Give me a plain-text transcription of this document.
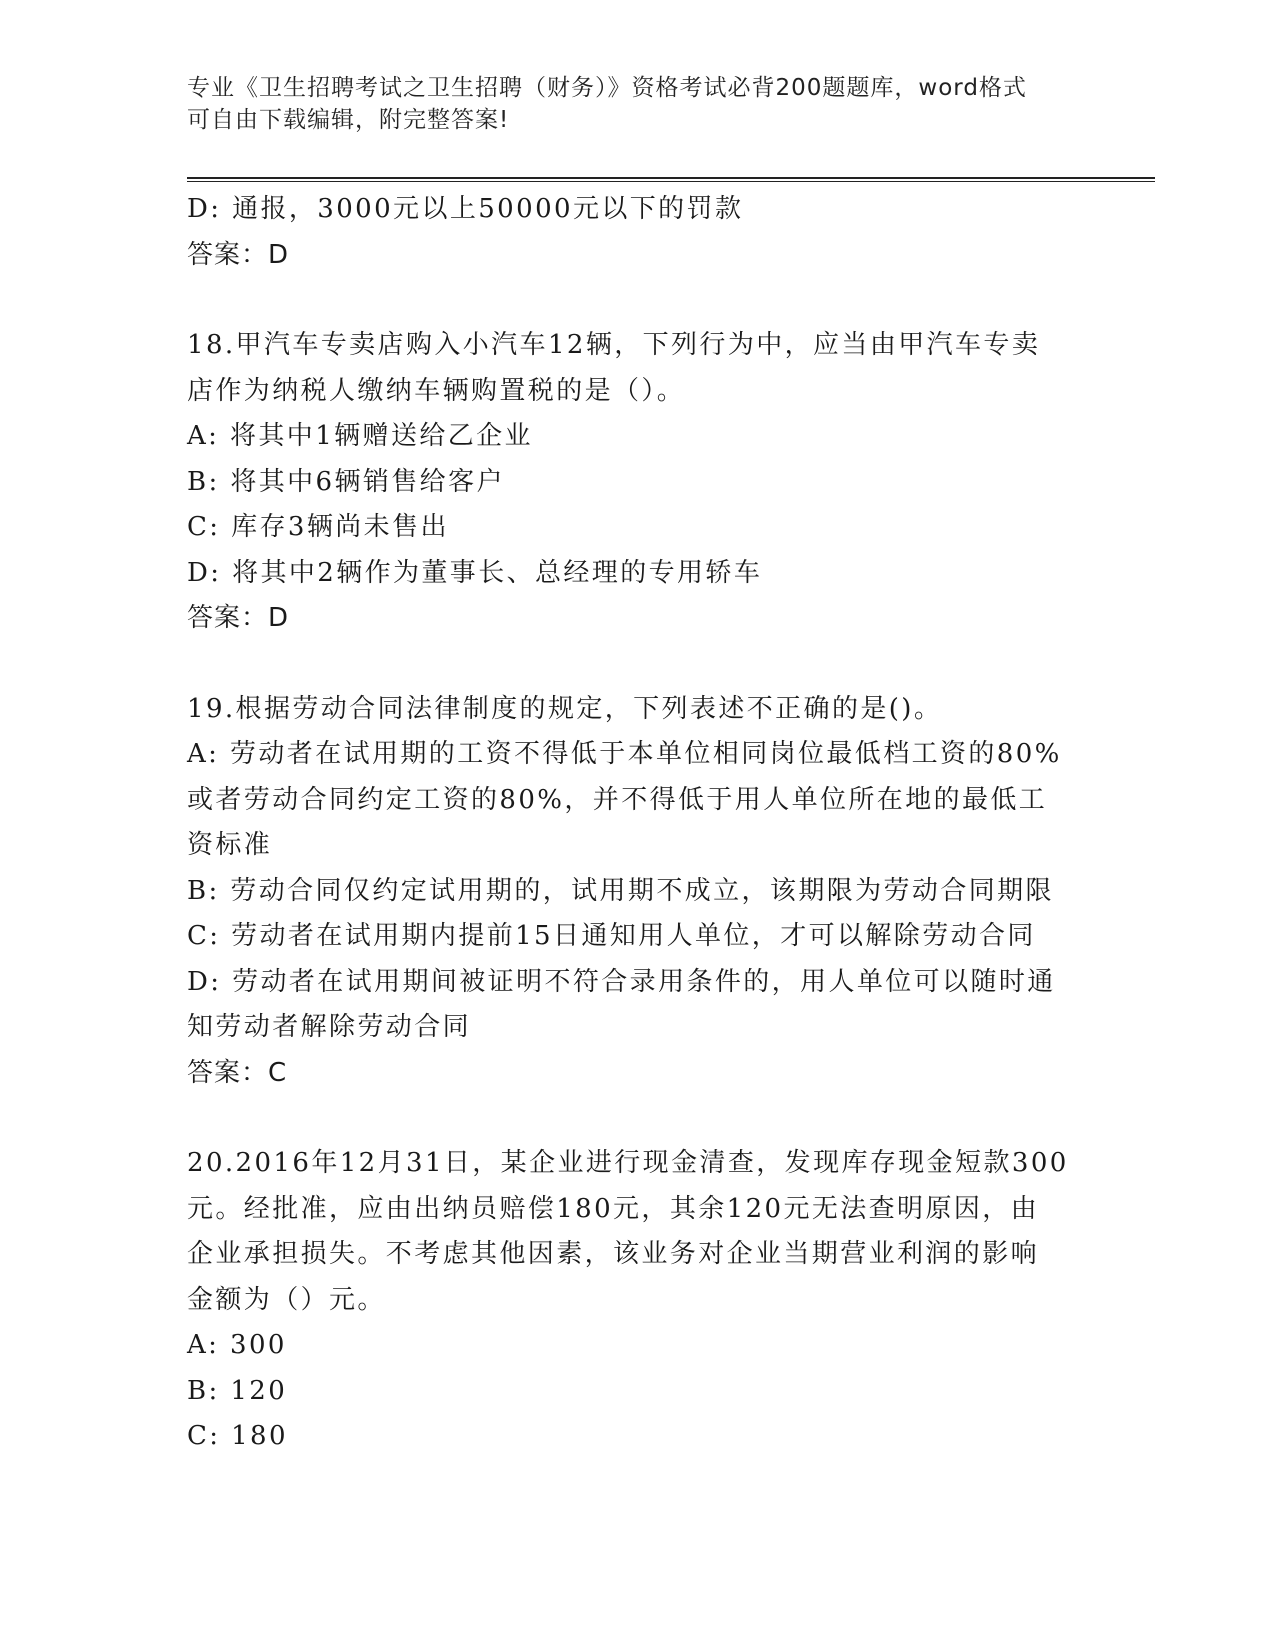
专业《卫生招聘考试之卫生招聘（财务）》资格考试必背200题题库，word格式
可自由下载编辑，附完整答案!
D: 通报，3000元以上50000元以下的罚款
答案：D
18.甲汽车专卖店购入小汽车12辆，下列行为中，应当由甲汽车专卖
店作为纳税人缴纳车辆购置税的是（）。
A: 将其中1辆赠送给乙企业
B: 将其中6辆销售给客户
C: 库存3辆尚未售出
D: 将其中2辆作为董事长、总经理的专用轿车
答案：D
19.根据劳动合同法律制度的规定，下列表述不正确的是()。
A: 劳动者在试用期的工资不得低于本单位相同岗位最低档工资的80%
或者劳动合同约定工资的80%，并不得低于用人单位所在地的最低工
资标准
B: 劳动合同仅约定试用期的，试用期不成立，该期限为劳动合同期限
C: 劳动者在试用期内提前15日通知用人单位，才可以解除劳动合同
D: 劳动者在试用期间被证明不符合录用条件的，用人单位可以随时通
知劳动者解除劳动合同
答案：C
20.2016年12月31日，某企业进行现金清查，发现库存现金短款300
元。经批准，应由出纳员赔偿180元，其余120元无法查明原因，由
企业承担损失。不考虑其他因素，该业务对企业当期营业利润的影响
金额为（）元。
A: 300
B: 120
C: 180
